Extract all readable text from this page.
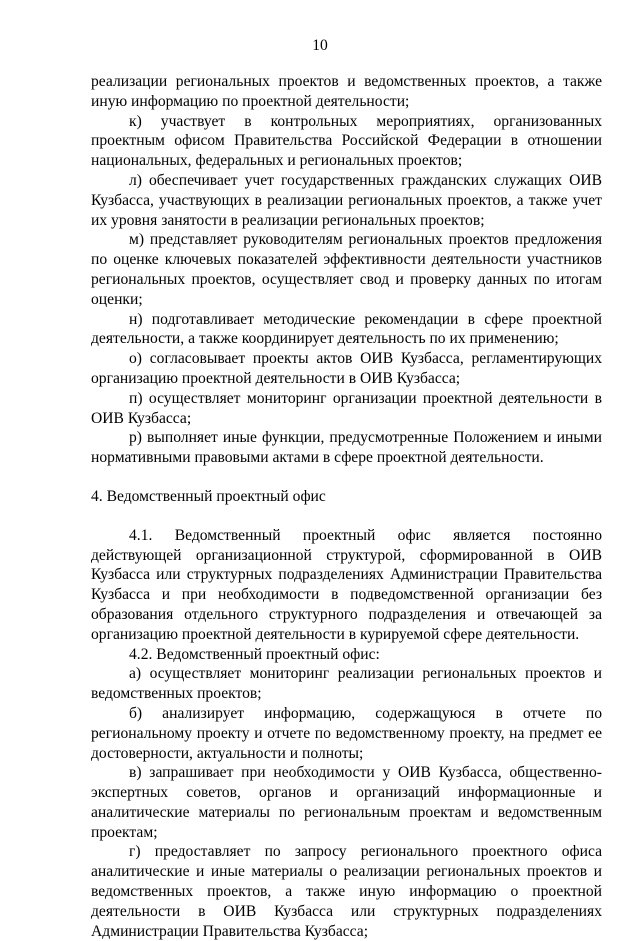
10

реализации региональных проектов и ведомственных проектов, а также иную информацию по проектной деятельности;

к) участвует в контрольных мероприятиях, организованных проектным офисом Правительства Российской Федерации в отношении национальных, федеральных и региональных проектов;

л) обеспечивает учет государственных гражданских служащих ОИВ Кузбасса, участвующих в реализации региональных проектов, а также учет их уровня занятости в реализации региональных проектов;

м) представляет руководителям региональных проектов предложения по оценке ключевых показателей эффективности деятельности участников региональных проектов, осуществляет свод и проверку данных по итогам оценки;

н) подготавливает методические рекомендации в сфере проектной деятельности, а также координирует деятельность по их применению;

о) согласовывает проекты актов ОИВ Кузбасса, регламентирующих организацию проектной деятельности в ОИВ Кузбасса;

п) осуществляет мониторинг организации проектной деятельности в ОИВ Кузбасса;

р) выполняет иные функции, предусмотренные Положением и иными нормативными правовыми актами в сфере проектной деятельности.

4. Ведомственный проектный офис

4.1. Ведомственный проектный офис является постоянно действующей организационной структурой, сформированной в ОИВ Кузбасса или структурных подразделениях Администрации Правительства Кузбасса и при необходимости в подведомственной организации без образования отдельного структурного подразделения и отвечающей за организацию проектной деятельности в курируемой сфере деятельности.

4.2. Ведомственный проектный офис:

а) осуществляет мониторинг реализации региональных проектов и ведомственных проектов;

б) анализирует информацию, содержащуюся в отчете по региональному проекту и отчете по ведомственному проекту, на предмет ее достоверности, актуальности и полноты;

в) запрашивает при необходимости у ОИВ Кузбасса, общественно-экспертных советов, органов и организаций информационные и аналитические материалы по региональным проектам и ведомственным проектам;

г) предоставляет по запросу регионального проектного офиса аналитические и иные материалы о реализации региональных проектов и ведомственных проектов, а также иную информацию о проектной деятельности в ОИВ Кузбасса или структурных подразделениях Администрации Правительства Кузбасса;
